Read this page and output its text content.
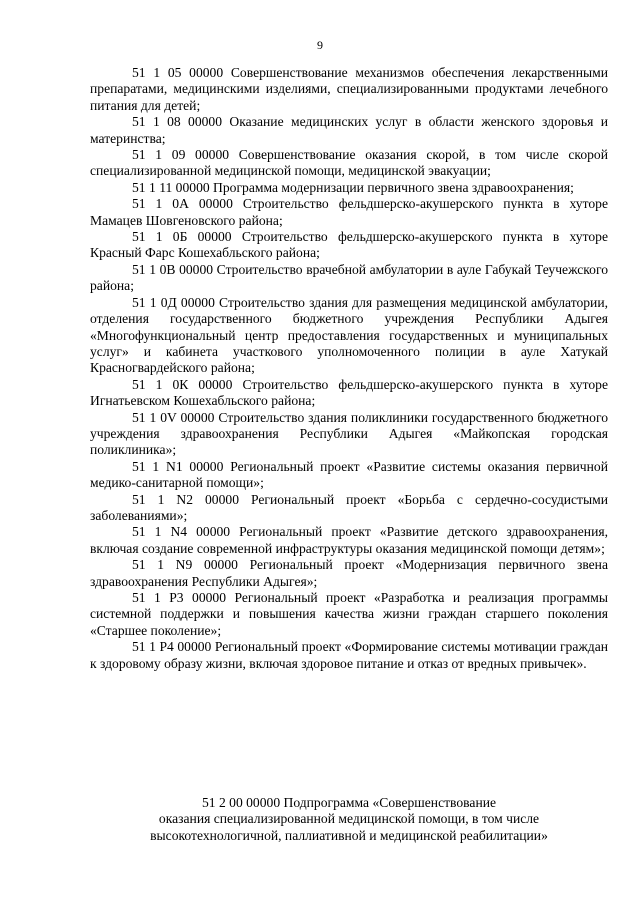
9

51 1 05 00000 Совершенствование механизмов обеспечения лекарственными препаратами, медицинскими изделиями, специализированными продуктами лечебного питания для детей;

51 1 08 00000 Оказание медицинских услуг в области женского здоровья и материнства;

51 1 09 00000 Совершенствование оказания скорой, в том числе скорой специализированной медицинской помощи, медицинской эвакуации;

51 1 11 00000 Программа модернизации первичного звена здравоохранения;

51 1 0А 00000 Строительство фельдшерско-акушерского пункта в хуторе Мамацев Шовгеновского района;

51 1 0Б 00000 Строительство фельдшерско-акушерского пункта в хуторе Красный Фарс Кошехабльского района;

51 1 0В 00000 Строительство врачебной амбулатории в ауле Габукай Теучежского района;

51 1 0Д 00000 Строительство здания для размещения медицинской амбулатории, отделения государственного бюджетного учреждения Республики Адыгея «Многофункциональный центр предоставления государственных и муниципальных услуг» и кабинета участкового уполномоченного полиции в ауле Хатукай Красногвардейского района;

51 1 0К 00000 Строительство фельдшерско-акушерского пункта в хуторе Игнатьевском Кошехабльского района;

51 1 0V 00000 Строительство здания поликлиники государственного бюджетного учреждения здравоохранения Республики Адыгея «Майкопская городская поликлиника»;

51 1 N1 00000 Региональный проект «Развитие системы оказания первичной медико-санитарной помощи»;

51 1 N2 00000 Региональный проект «Борьба с сердечно-сосудистыми заболеваниями»;

51 1 N4 00000 Региональный проект «Развитие детского здравоохранения, включая создание современной инфраструктуры оказания медицинской помощи детям»;

51 1 N9 00000 Региональный проект «Модернизация первичного звена здравоохранения Республики Адыгея»;

51 1 P3 00000 Региональный проект «Разработка и реализация программы системной поддержки и повышения качества жизни граждан старшего поколения «Старшее поколение»;

51 1 P4 00000 Региональный проект «Формирование системы мотивации граждан к здоровому образу жизни, включая здоровое питание и отказ от вредных привычек».

51 2 00 00000 Подпрограмма «Совершенствование
оказания специализированной медицинской помощи, в том числе
высокотехнологичной, паллиативной и медицинской реабилитации»
